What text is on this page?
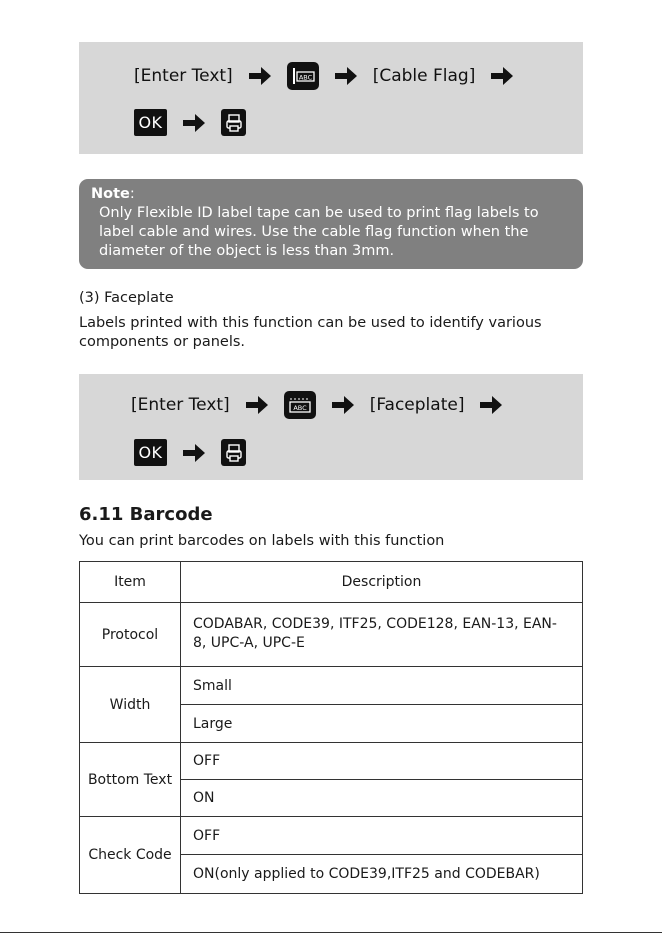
[Enter Text]	ABC	[Cable Flag]
OK
Note:
Only Flexible ID label tape can be used to print flag labels to label cable and wires. Use the cable flag function when the diameter of the object is less than 3mm.
(3) Faceplate
Labels printed with this function can be used to identify various components or panels.
[Enter Text]	ABC	[Faceplate]
OK
6.11 Barcode
You can print barcodes on labels with this function
Item	Description
Protocol	CODABAR, CODE39, ITF25, CODE128, EAN-13, EAN-8, UPC-A, UPC-E
Width	Small
	Large
Bottom Text	OFF
	ON
Check Code	OFF
	ON(only applied to CODE39,ITF25 and CODEBAR)
